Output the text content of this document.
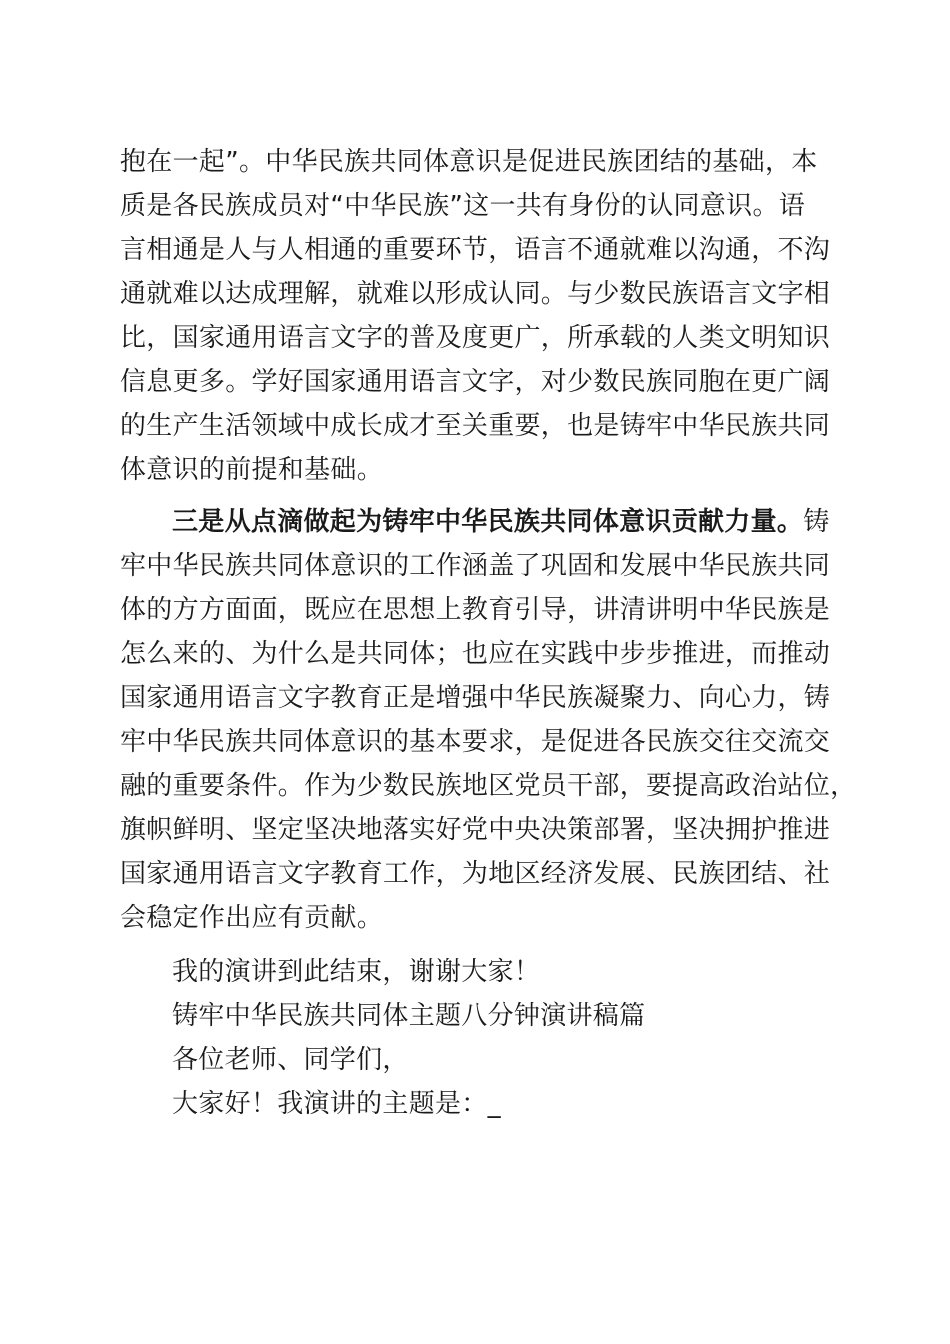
抱在一起”。中华民族共同体意识是促进民族团结的基础，本
质是各民族成员对“中华民族”这一共有身份的认同意识。语
言相通是人与人相通的重要环节，语言不通就难以沟通，不沟
通就难以达成理解，就难以形成认同。与少数民族语言文字相
比，国家通用语言文字的普及度更广，所承载的人类文明知识
信息更多。学好国家通用语言文字，对少数民族同胞在更广阔
的生产生活领域中成长成才至关重要，也是铸牢中华民族共同
体意识的前提和基础。
三是从点滴做起为铸牢中华民族共同体意识贡献力量。铸
牢中华民族共同体意识的工作涵盖了巩固和发展中华民族共同
体的方方面面，既应在思想上教育引导，讲清讲明中华民族是
怎么来的、为什么是共同体；也应在实践中步步推进，而推动
国家通用语言文字教育正是增强中华民族凝聚力、向心力，铸
牢中华民族共同体意识的基本要求，是促进各民族交往交流交
融的重要条件。作为少数民族地区党员干部，要提高政治站位，
旗帜鲜明、坚定坚决地落实好党中央决策部署，坚决拥护推进
国家通用语言文字教育工作，为地区经济发展、民族团结、社
会稳定作出应有贡献。
我的演讲到此结束，谢谢大家！
铸牢中华民族共同体主题八分钟演讲稿篇
各位老师、同学们，
大家好！我演讲的主题是：_
